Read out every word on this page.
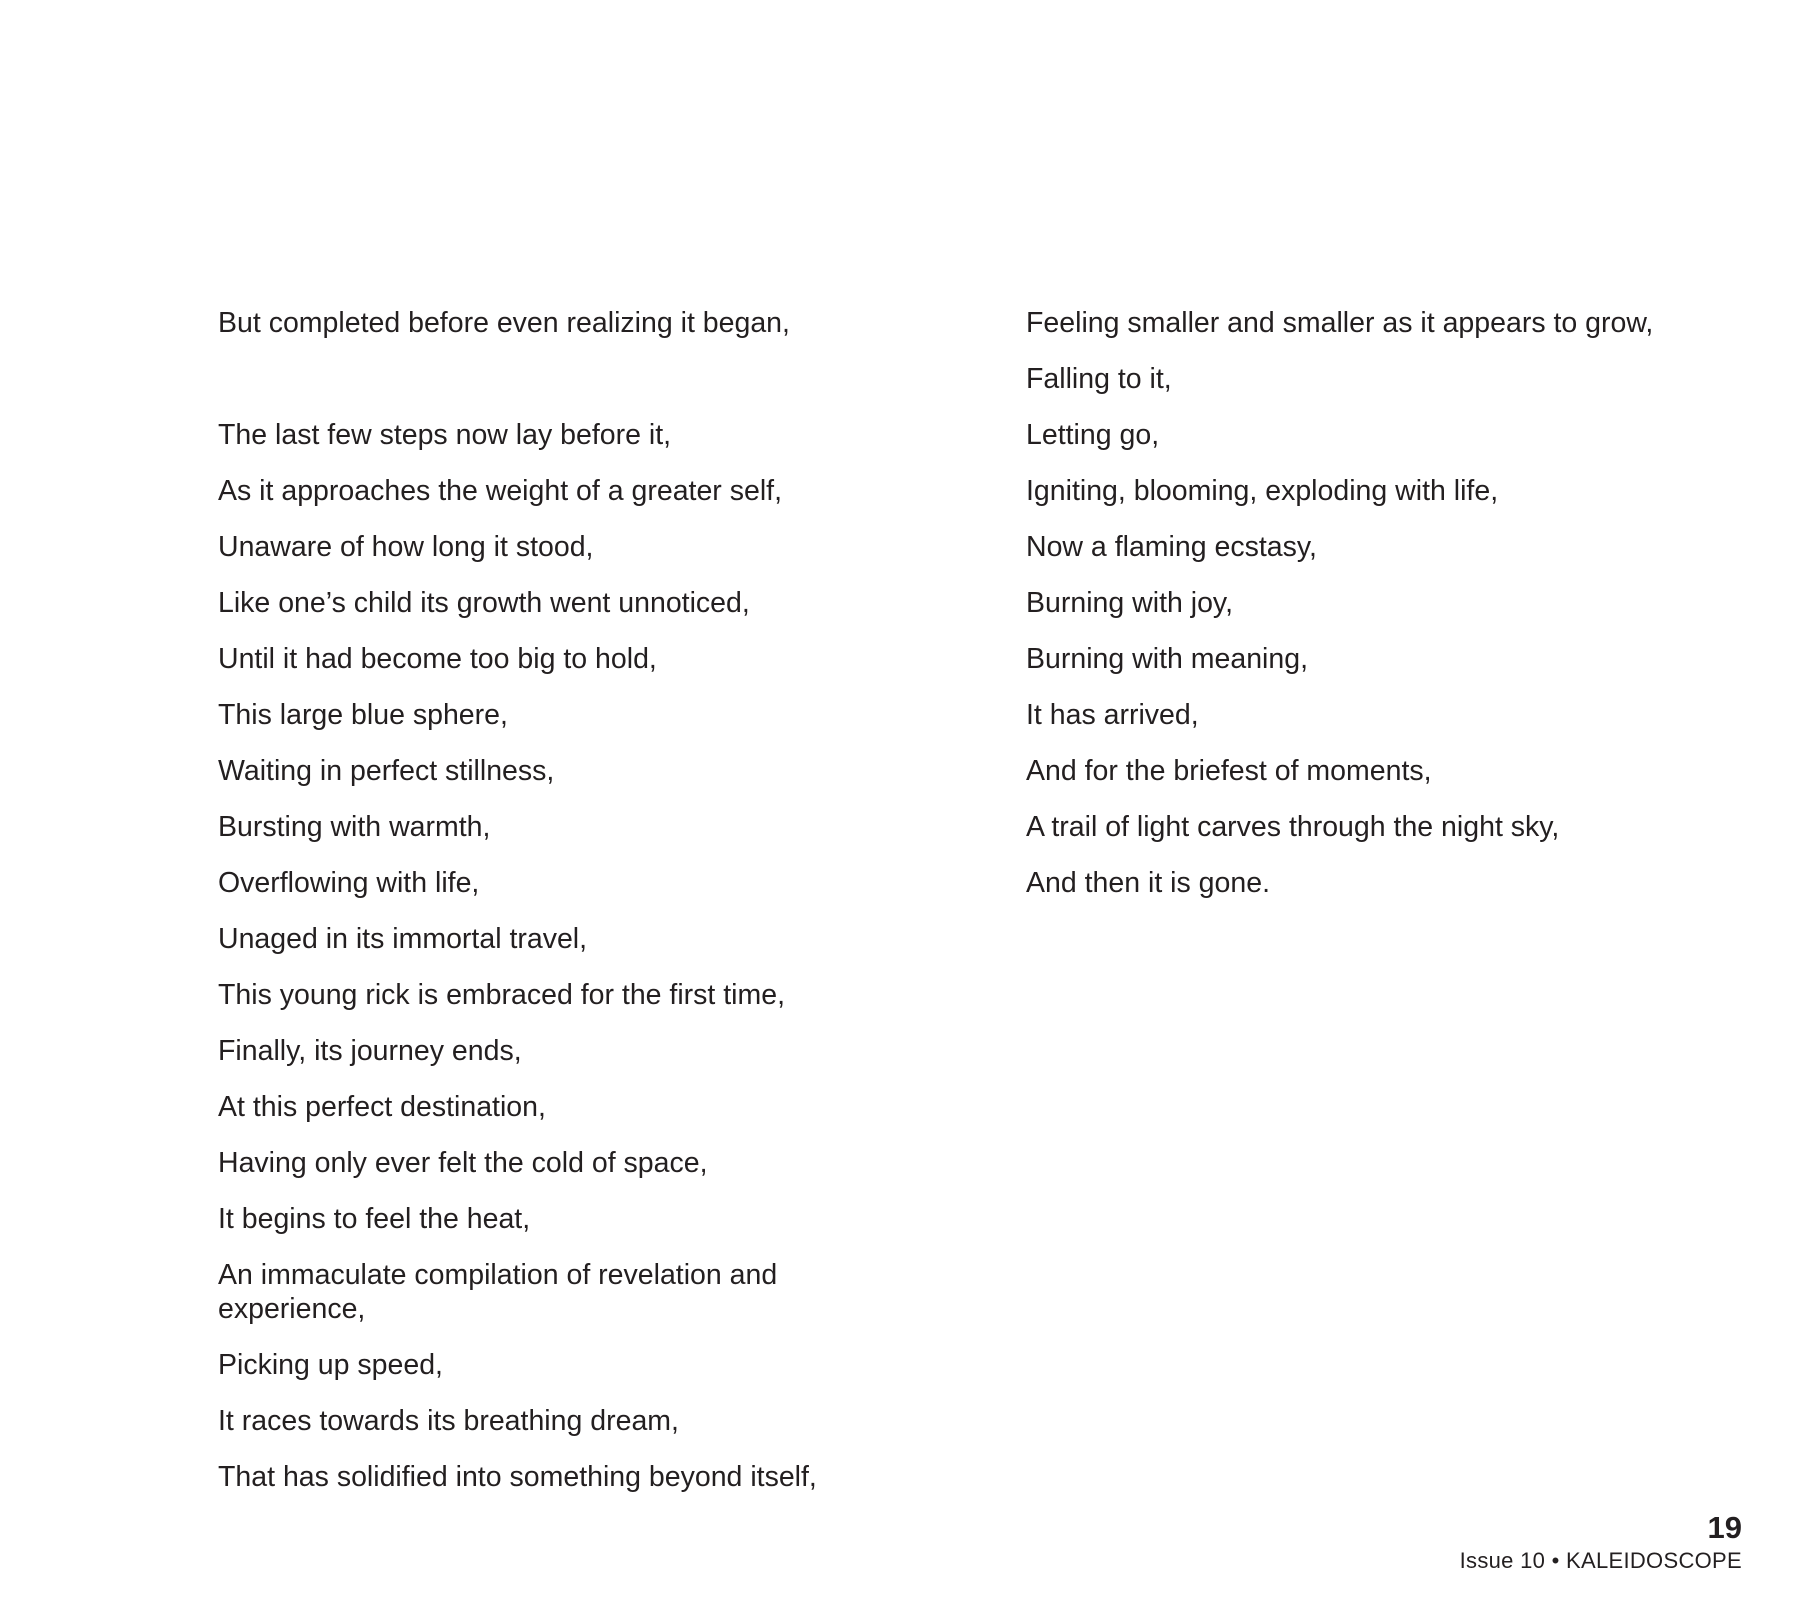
But completed before even realizing it began,
The last few steps now lay before it,
As it approaches the weight of a greater self,
Unaware of how long it stood,
Like one’s child its growth went unnoticed,
Until it had become too big to hold,
This large blue sphere,
Waiting in perfect stillness,
Bursting with warmth,
Overflowing with life,
Unaged in its immortal travel,
This young rick is embraced for the first time,
Finally, its journey ends,
At this perfect destination,
Having only ever felt the cold of space,
It begins to feel the heat,
An immaculate compilation of revelation and experience,
Picking up speed,
It races towards its breathing dream,
That has solidified into something beyond itself,
Feeling smaller and smaller as it appears to grow,
Falling to it,
Letting go,
Igniting, blooming, exploding with life,
Now a flaming ecstasy,
Burning with joy,
Burning with meaning,
It has arrived,
And for the briefest of moments,
A trail of light carves through the night sky,
And then it is gone.
19
Issue 10 • KALEIDOSCOPE
